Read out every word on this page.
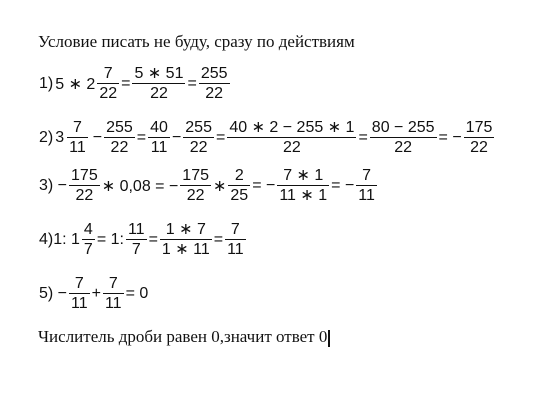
Условие писать не буду, сразу по действиям
1) 5 ∗ $2 \frac{7}{22} = \frac{5 ∗ 51}{22} = \frac{255}{22}$
2) $3 \frac{7}{11} - \frac{255}{22} = \frac{40}{11} - \frac{255}{22} = \frac{40 ∗ 2 - 255 ∗ 1}{22} = \frac{80 - 255}{22}$ = − $\frac{175}{22}$
$3) - \frac{175}{22}$ ∗ 0,08 = − $\frac{175}{22}$ ∗ $\frac{2}{25}$ = − $\frac{7 ∗ 1}{11 ∗ 1}$ = − $\frac{7}{11}$
4)1: $1 \frac{4}{7} = 1$: $\frac{11}{7} = \frac{1 ∗ 7}{1 ∗ 11} = \frac{7}{11}$
$5) - \frac{7}{11} + \frac{7}{11} = 0$
Числитель дроби равен 0,значит ответ 0
